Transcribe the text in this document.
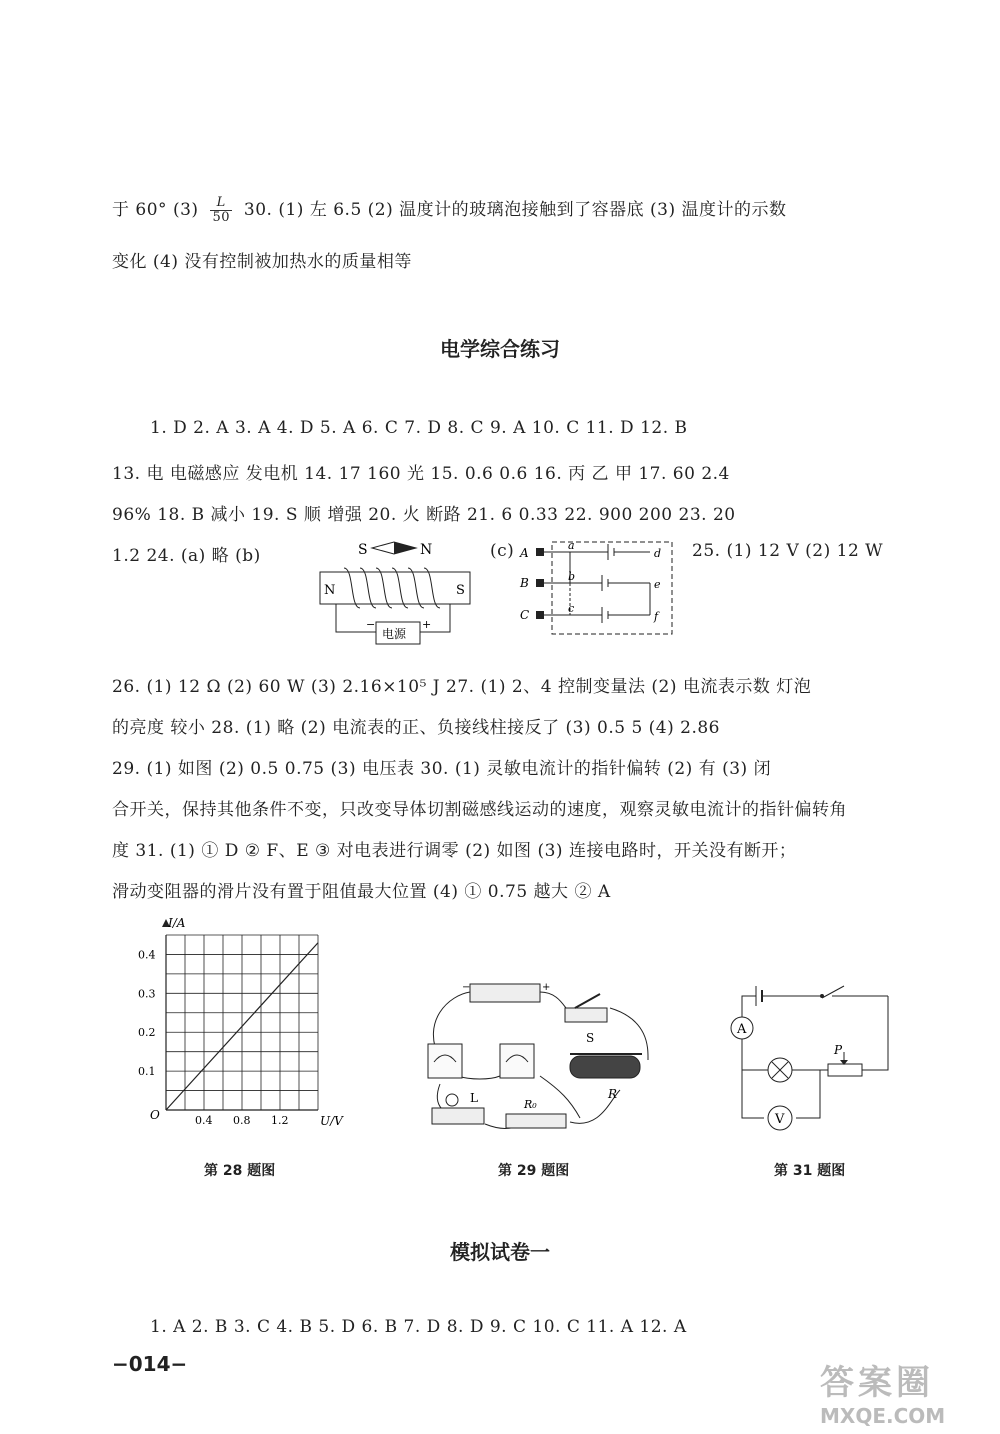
于 60° $(3) \frac{L}{50} 30$. (1) 左 6.5 (2) 温度计的玻璃泡接触到了容器底 (3) 温度计的示数
变化 (4) 没有控制被加热水的质量相等
电学综合练习
1. D 2. A 3. A 4. D 5. A 6. C 7. D 8. C 9. A 10. C 11. D 12. B
13. 电 电磁感应 发电机 14. 17 160 光 15. 0.6 0.6 16. 丙 乙 甲 17. 60 2.4
96% 18. B 减小 19. S 顺 增强 20. 火 断路 21. 6 0.33 22. 900 200 23. 20
1.2 24. (a) 略 (b)	(c)	25. (1) 12 V (2) 12 W
S	N
N	S
电源
−	+
A
B
C
a
b
c
d
e
f
26. (1) 12 Ω (2) 60 W (3) 2.16×10⁵ J 27. (1) 2、4 控制变量法 (2) 电流表示数 灯泡
的亮度 较小 28. (1) 略 (2) 电流表的正、负接线柱接反了 (3) 0.5 5 (4) 2.86
29. (1) 如图 (2) 0.5 0.75 (3) 电压表 30. (1) 灵敏电流计的指针偏转 (2) 有 (3) 闭
合开关，保持其他条件不变，只改变导体切割磁感线运动的速度，观察灵敏电流计的指针偏转角
度 31. (1) ① D ② F、E ③ 对电表进行调零 (2) 如图 (3) 连接电路时，开关没有断开；
滑动变阻器的滑片没有置于阻值最大位置 (4) ① 0.75 越大 ② A
0.1
0.2
0.3
0.4
0.4 0.8 1.2
I/A
U/V
O
第 28 题图
−	+
S
R
L	R₀
第 29 题图
A
P
V
第 31 题图
模拟试卷一
1. A 2. B 3. C 4. B 5. D 6. B 7. D 8. D 9. C 10. C 11. A 12. A
−014−	答案圈
MXQE.COM
